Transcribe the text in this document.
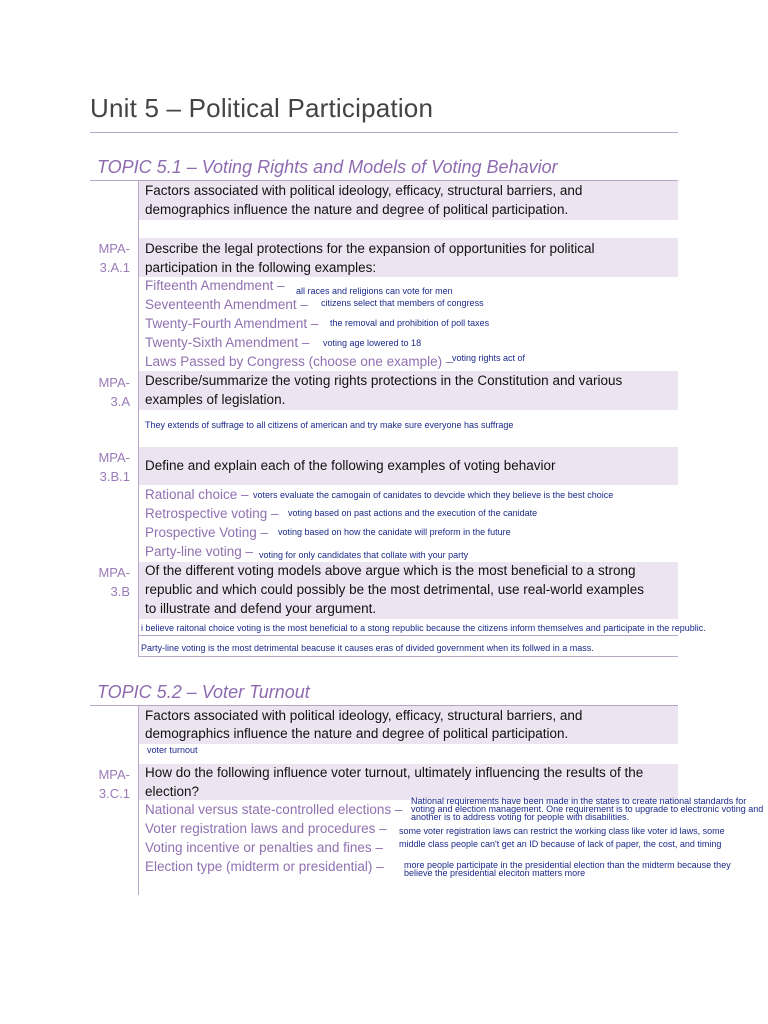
Unit 5 – Political Participation
TOPIC 5.1 – Voting Rights and Models of Voting Behavior
Factors associated with political ideology, efficacy, structural barriers, and
demographics influence the nature and degree of political participation.
MPA-3.A.1
Describe the legal protections for the expansion of opportunities for political
participation in the following examples:
Fifteenth Amendment – all races and religions can vote for men
Seventeenth Amendment – citizens select that members of congress
Twenty-Fourth Amendment – the removal and prohibition of poll taxes
Twenty-Sixth Amendment – voting age lowered to 18
Laws Passed by Congress (choose one example) –
voting rights act of
MPA-3.A
Describe/summarize the voting rights protections in the Constitution and various
examples of legislation.
They extends of suffrage to all citizens of american and try make sure everyone has suffrage
MPA-3.B.1
Define and explain each of the following examples of voting behavior
Rational choice – voters evaluate the camogain of canidates to devcide which they believe is the best choice
Retrospective voting – voting based on past actions and the execution of the canidate
Prospective Voting – voting based on how the canidate will preform in the future
Party-line voting – voting for only candidates that collate with your party
MPA-3.B
Of the different voting models above argue which is the most beneficial to a strong
republic and which could possibly be the most detrimental, use real-world examples
to illustrate and defend your argument.
i believe raitonal choice voting is the most beneficial to a stong republic because the citizens inform themselves and participate in the republic.
Party-line voting is the most detrimental beacuse it causes eras of divided government when its follwed in a mass.
TOPIC 5.2 – Voter Turnout
Factors associated with political ideology, efficacy, structural barriers, and
demographics influence the nature and degree of political participation.
voter turnout
MPA-3.C.1
How do the following influence voter turnout, ultimately influencing the results of the
election?
National versus state-controlled elections –
National requirements have been made in the states to create national standards for voting and election management. One requirement is to upgrade to electronic voting and another is to address voting for people with disabilities.
Voter registration laws and procedures – some voter registration laws can restrict the working class like voter id laws, some
Voting incentive or penalties and fines – middle class people can't get an ID because of lack of paper, the cost, and timing
Election type (midterm or presidential) – more people participate in the presidential election than the midterm because they believe the presidential eleciton matters more
